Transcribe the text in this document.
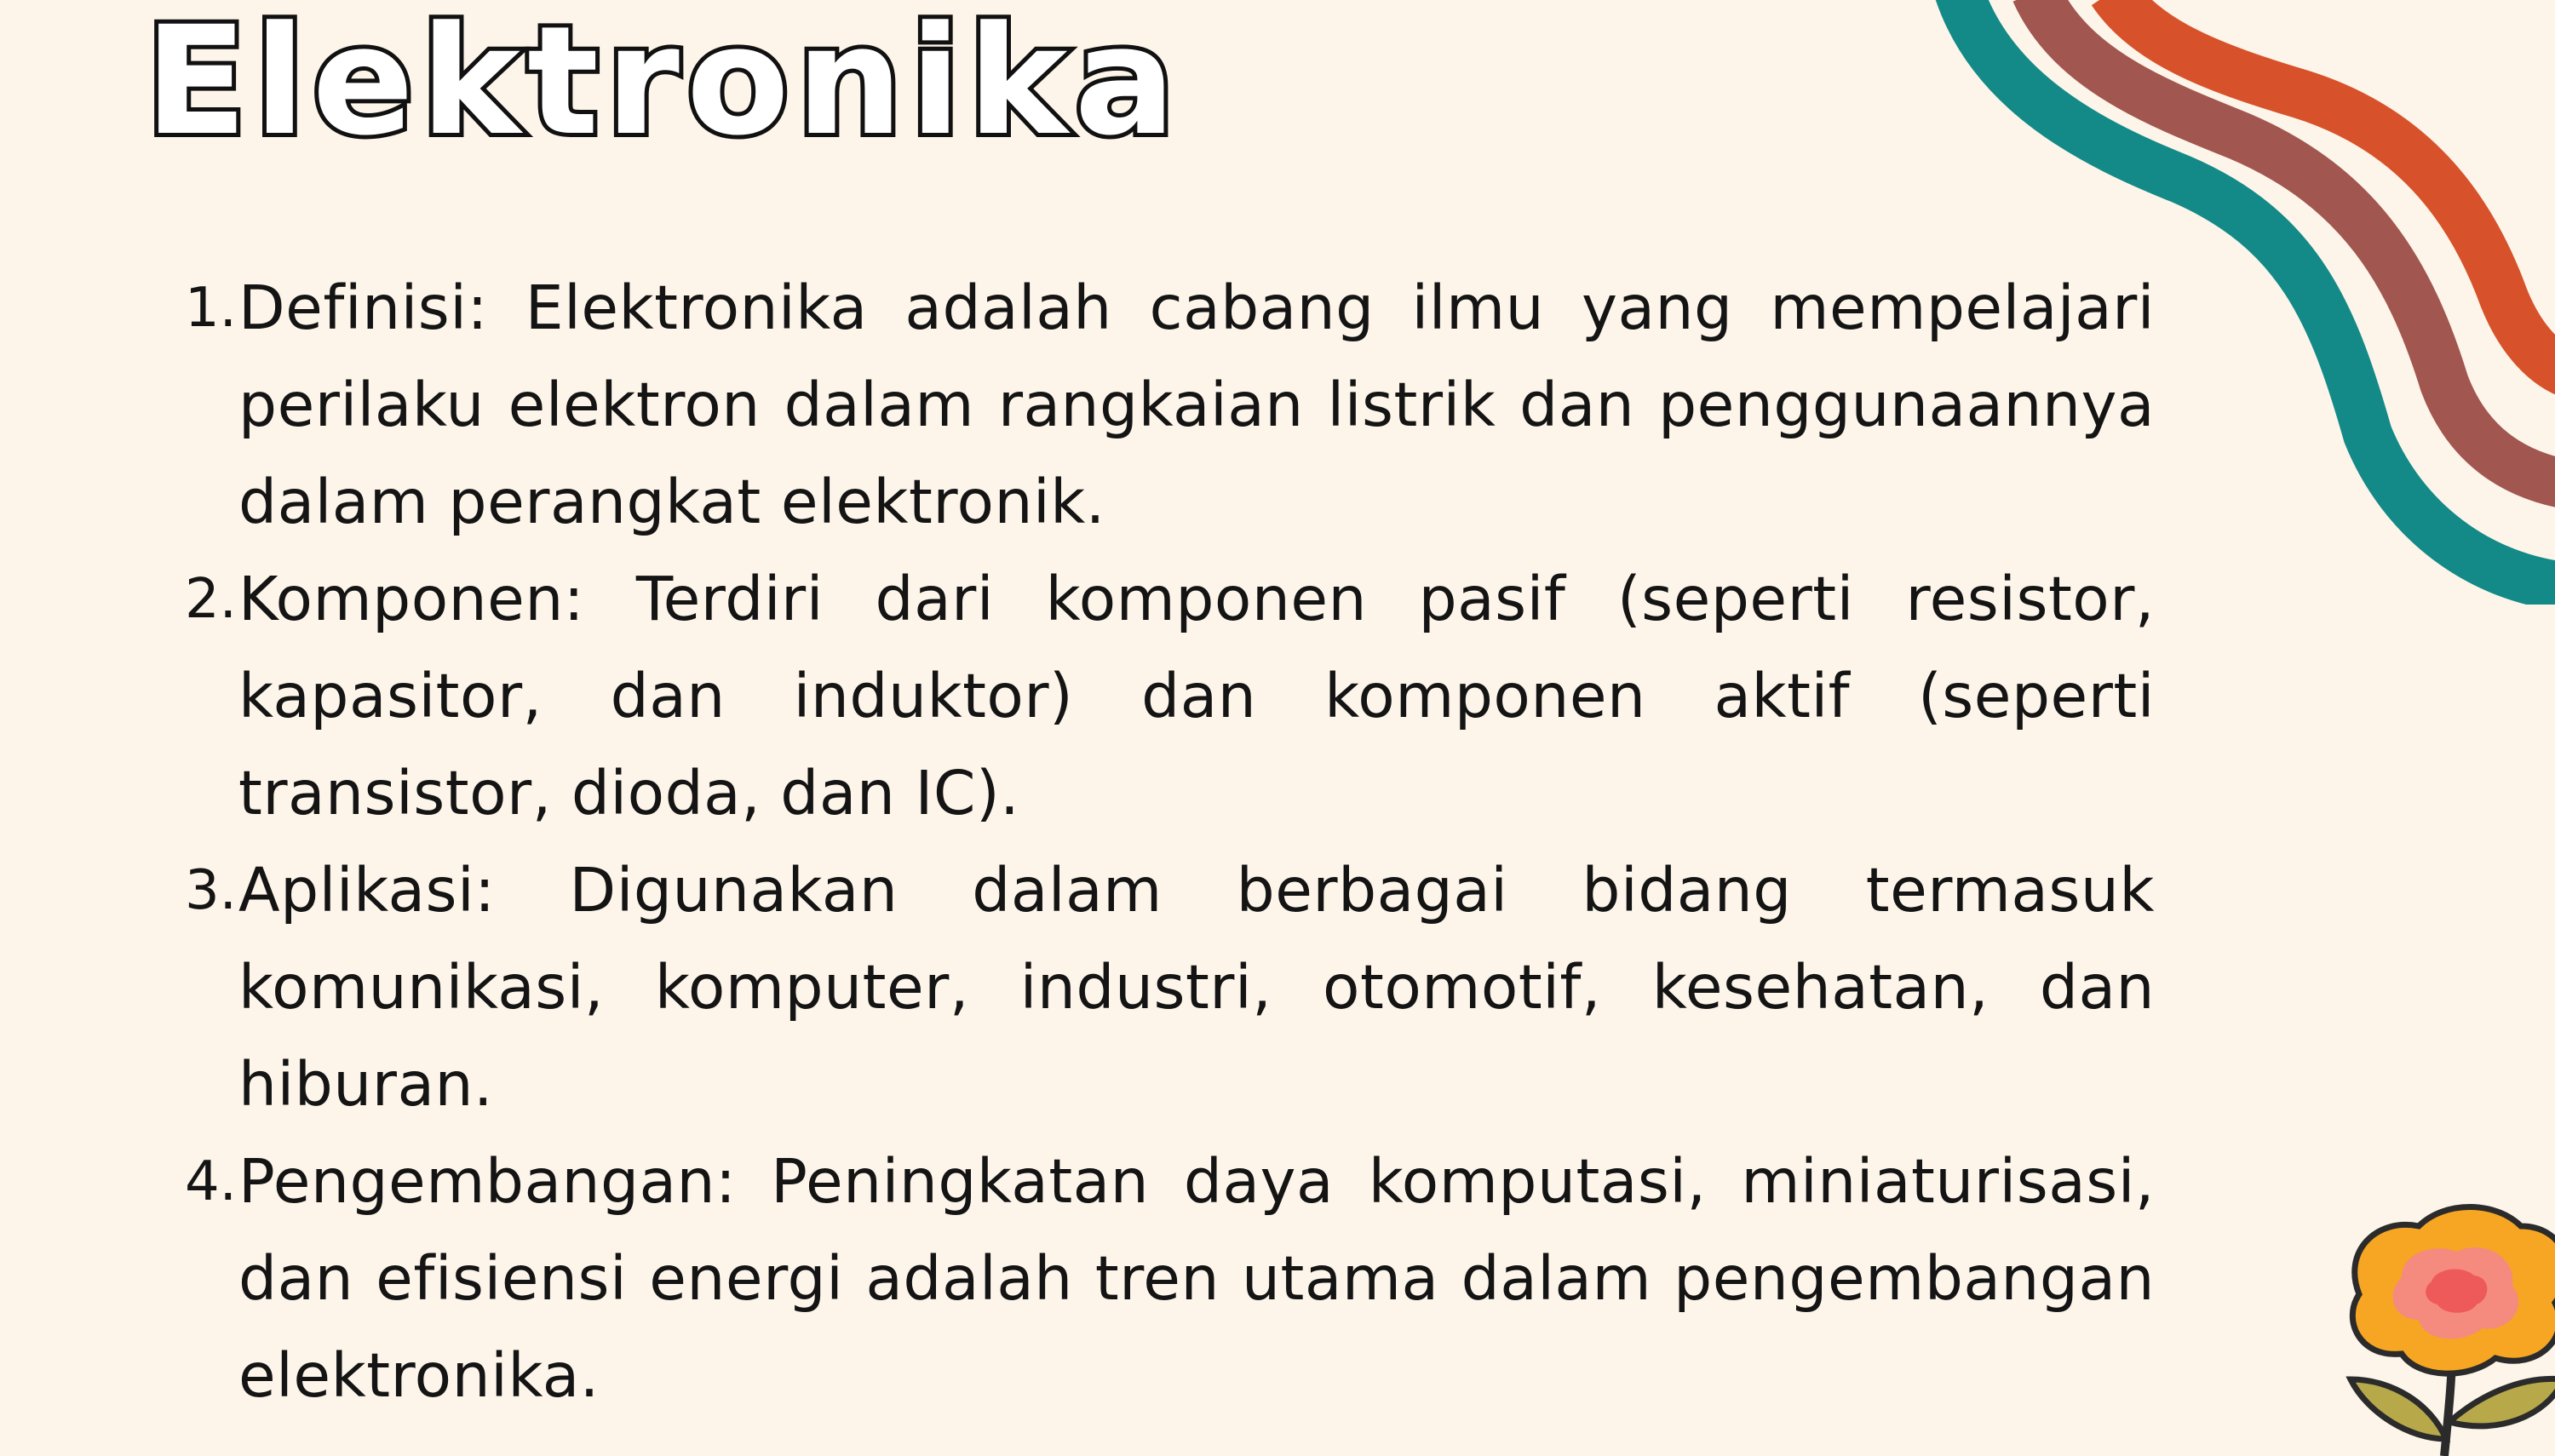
Elektronika
1. Definisi: Elektronika adalah cabang ilmu yang mempelajari perilaku elektron dalam rangkaian listrik dan penggunaannya dalam perangkat elektronik.
2. Komponen: Terdiri dari komponen pasif (seperti resistor, kapasitor, dan induktor) dan komponen aktif (seperti transistor, dioda, dan IC).
3. Aplikasi: Digunakan dalam berbagai bidang termasuk komunikasi, komputer, industri, otomotif, kesehatan, dan hiburan.
4. Pengembangan: Peningkatan daya komputasi, miniaturisasi, dan efisiensi energi adalah tren utama dalam pengembangan elektronika.
